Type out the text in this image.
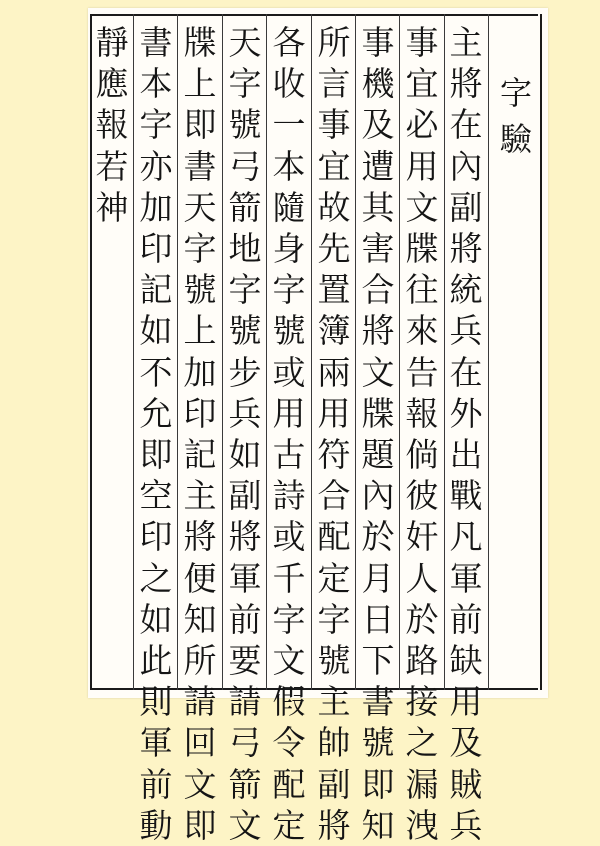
字
驗
主
將
在
內
副
將
統
兵
在
外
出
戰
凡
軍
前
缺
用
及
賊
兵
事
宜
必
用
文
牒
往
來
告
報
倘
彼
奸
人
於
路
接
之
漏
洩
事
機
及
遭
其
害
合
將
文
牒
題
內
於
月
日
下
書
號
即
知
所
言
事
宜
故
先
置
簿
兩
用
符
合
配
定
字
號
主
帥
副
將
各
收
一
本
隨
身
字
號
或
用
古
詩
或
千
字
文
假
令
配
定
天
字
號
弓
箭
地
字
號
步
兵
如
副
將
軍
前
要
請
弓
箭
文
牒
上
即
書
天
字
號
上
加
印
記
主
將
便
知
所
請
回
文
即
書
本
字
亦
加
印
記
如
不
允
即
空
印
之
如
此
則
軍
前
動
靜
應
報
若
神
